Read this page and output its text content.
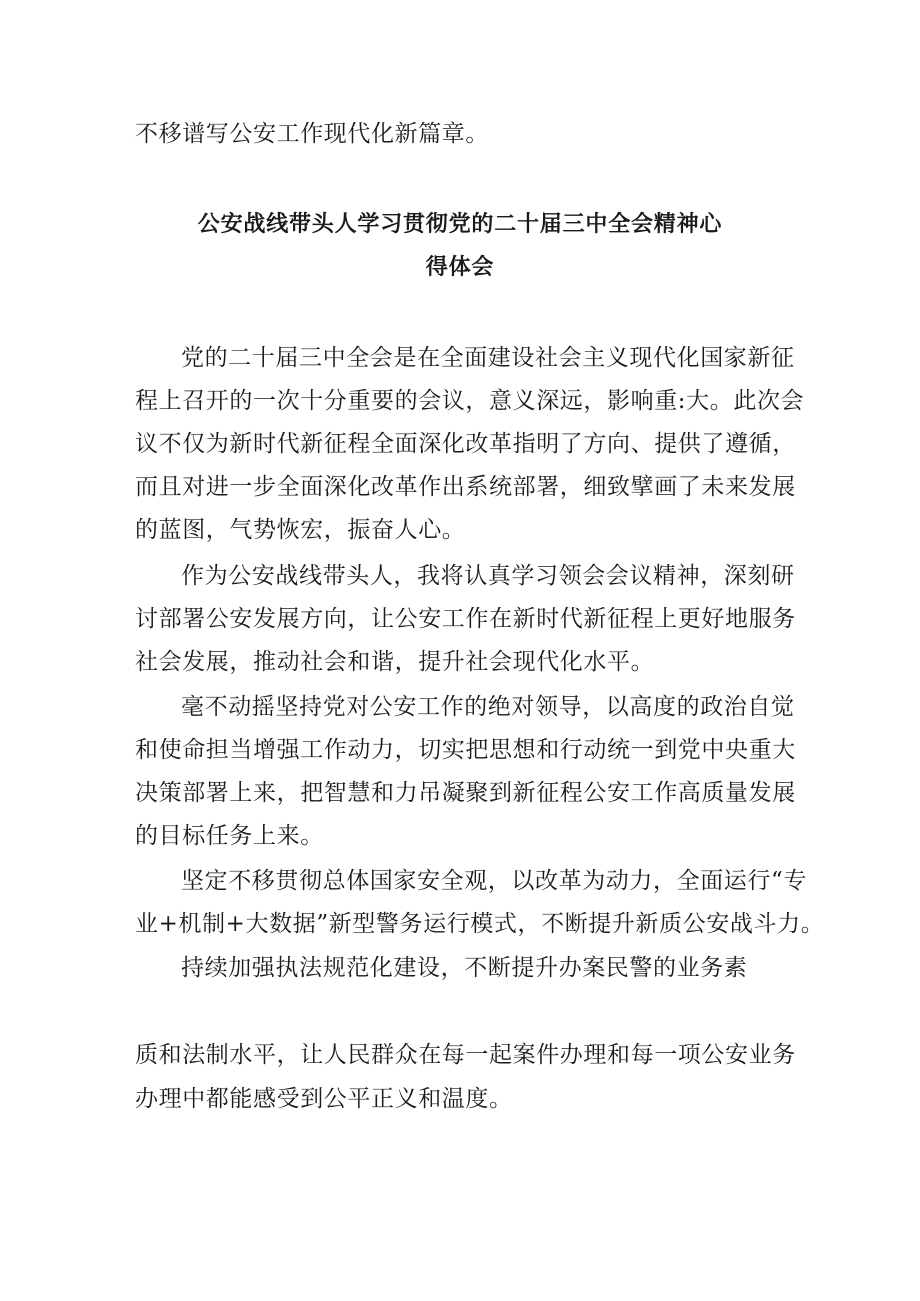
不移谱写公安工作现代化新篇章。
公安战线带头人学习贯彻党的二十届三中全会精神心
得体会
党的二十届三中全会是在全面建设社会主义现代化国家新征
程上召开的一次十分重要的会议，意义深远，影响重:大。此次会
议不仅为新时代新征程全面深化改革指明了方向、提供了遵循，
而且对进一步全面深化改革作出系统部署，细致擘画了未来发展
的蓝图，气势恢宏，振奋人心。
作为公安战线带头人，我将认真学习领会会议精神，深刻研
讨部署公安发展方向，让公安工作在新时代新征程上更好地服务
社会发展，推动社会和谐，提升社会现代化水平。
毫不动摇坚持党对公安工作的绝对领导，以高度的政治自觉
和使命担当增强工作动力，切实把思想和行动统一到党中央重大
决策部署上来，把智慧和力吊凝聚到新征程公安工作高质量发展
的目标任务上来。
坚定不移贯彻总体国家安全观，以改革为动力，全面运行“专
业+机制+大数据”新型警务运行模式，不断提升新质公安战斗力。
持续加强执法规范化建设，不断提升办案民警的业务素
质和法制水平，让人民群众在每一起案件办理和每一项公安业务
办理中都能感受到公平正义和温度。
